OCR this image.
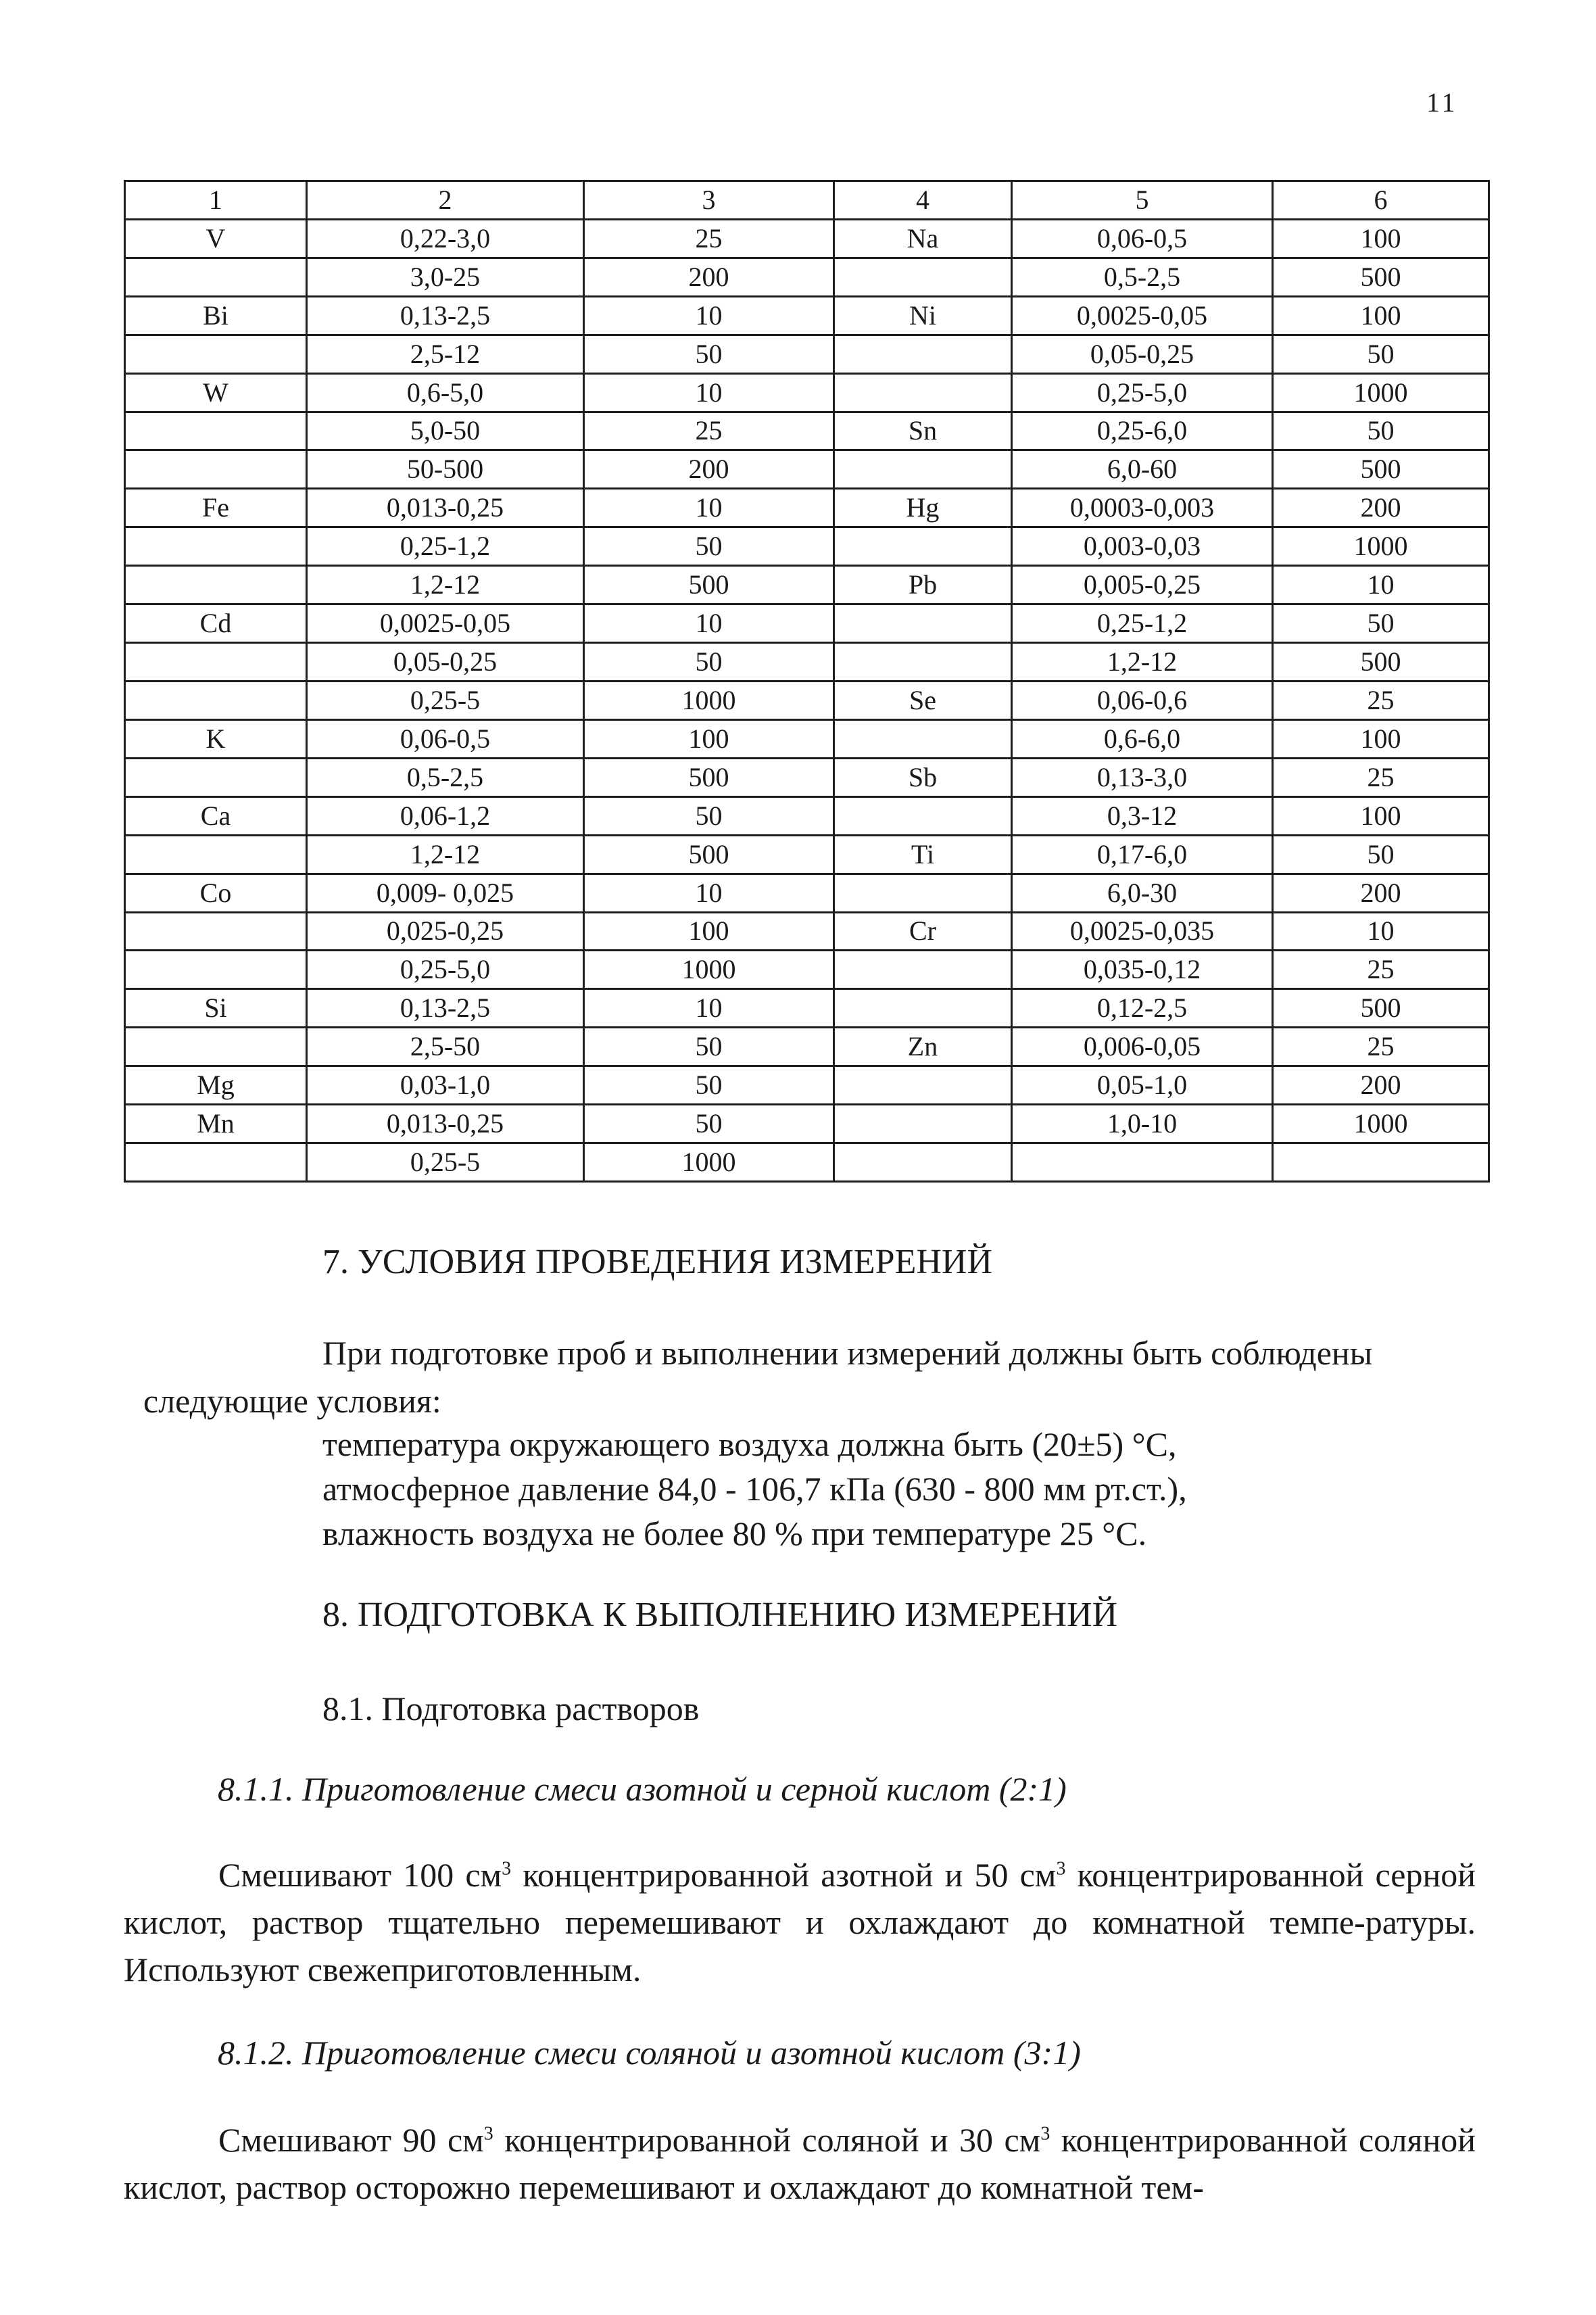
11
1	2	3	4	5	6
V	0,22-3,0	25	Na	0,06-0,5	100
	3,0-25	200		0,5-2,5	500
Bi	0,13-2,5	10	Ni	0,0025-0,05	100
	2,5-12	50		0,05-0,25	50
W	0,6-5,0	10		0,25-5,0	1000
	5,0-50	25	Sn	0,25-6,0	50
	50-500	200		6,0-60	500
Fe	0,013-0,25	10	Hg	0,0003-0,003	200
	0,25-1,2	50		0,003-0,03	1000
	1,2-12	500	Pb	0,005-0,25	10
Cd	0,0025-0,05	10		0,25-1,2	50
	0,05-0,25	50		1,2-12	500
	0,25-5	1000	Se	0,06-0,6	25
K	0,06-0,5	100		0,6-6,0	100
	0,5-2,5	500	Sb	0,13-3,0	25
Ca	0,06-1,2	50		0,3-12	100
	1,2-12	500	Ti	0,17-6,0	50
Co	0,009- 0,025	10		6,0-30	200
	0,025-0,25	100	Cr	0,0025-0,035	10
	0,25-5,0	1000		0,035-0,12	25
Si	0,13-2,5	10		0,12-2,5	500
	2,5-50	50	Zn	0,006-0,05	25
Mg	0,03-1,0	50		0,05-1,0	200
Mn	0,013-0,25	50		1,0-10	1000
	0,25-5	1000			
7. УСЛОВИЯ ПРОВЕДЕНИЯ ИЗМЕРЕНИЙ
При подготовке проб и выполнении измерений должны быть соблюдены
следующие условия:
температура окружающего воздуха должна быть (20±5) °С,
атмосферное давление 84,0 - 106,7 кПа (630 - 800 мм рт.ст.),
влажность воздуха не более 80 % при температуре 25 °С.
8. ПОДГОТОВКА К ВЫПОЛНЕНИЮ ИЗМЕРЕНИЙ
8.1. Подготовка растворов
8.1.1. Приготовление смеси азотной и серной кислот (2:1)
Смешивают 100 $см^3$ концентрированной азотной и 50 $см^3$ концентрированной серной кислот, раствор тщательно перемешивают и охлаждают до комнатной темпе-ратуры. Используют свежеприготовленным.
8.1.2. Приготовление смеси соляной и азотной кислот (3:1)
Смешивают 90 $см^3$ концентрированной соляной и 30 $см^3$ концентрированной соляной кислот, раствор осторожно перемешивают и охлаждают до комнатной тем-
